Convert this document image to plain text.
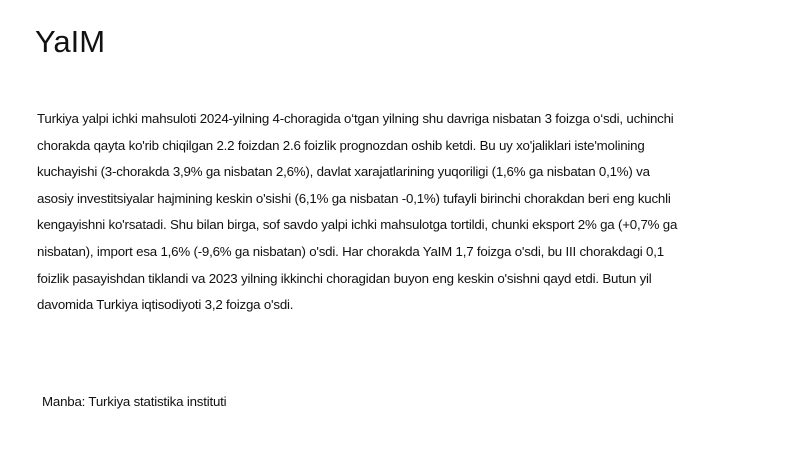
YaIM
Turkiya yalpi ichki mahsuloti 2024-yilning 4-choragida o‘tgan yilning shu davriga nisbatan 3 foizga o‘sdi, uchinchi
chorakda qayta ko'rib chiqilgan 2.2 foizdan 2.6 foizlik prognozdan oshib ketdi. Bu uy xo'jaliklari iste'molining
kuchayishi (3-chorakda 3,9% ga nisbatan 2,6%), davlat xarajatlarining yuqoriligi (1,6% ga nisbatan 0,1%) va
asosiy investitsiyalar hajmining keskin o'sishi (6,1% ga nisbatan -0,1%) tufayli birinchi chorakdan beri eng kuchli
kengayishni ko'rsatadi. Shu bilan birga, sof savdo yalpi ichki mahsulotga tortildi, chunki eksport 2% ga (+0,7% ga
nisbatan), import esa 1,6% (-9,6% ga nisbatan) o'sdi. Har chorakda YaIM 1,7 foizga o'sdi, bu III chorakdagi 0,1
foizlik pasayishdan tiklandi va 2023 yilning ikkinchi choragidan buyon eng keskin o'sishni qayd etdi. Butun yil
davomida Turkiya iqtisodiyoti 3,2 foizga o'sdi.
Manba: Turkiya statistika instituti
